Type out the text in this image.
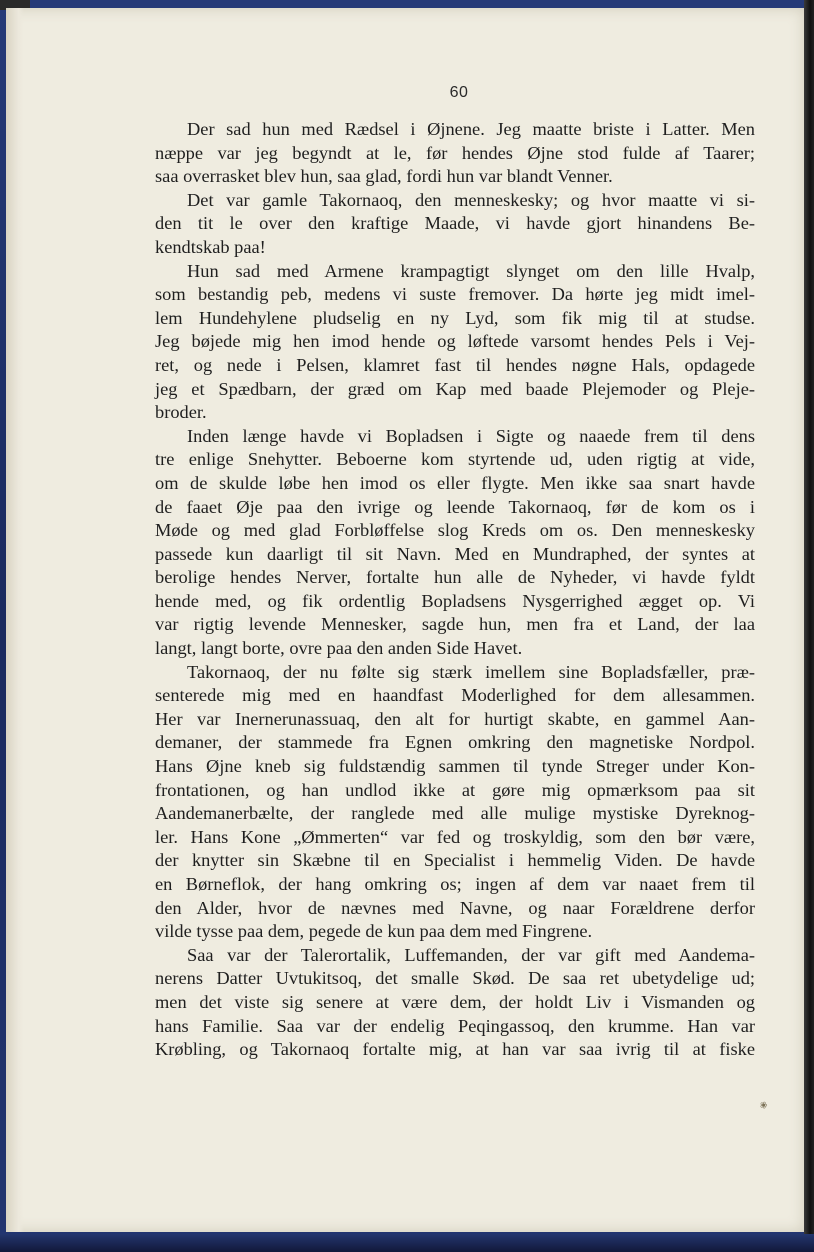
60
Der sad hun med Rædsel i Øjnene. Jeg maatte briste i Latter. Men
næppe var jeg begyndt at le, før hendes Øjne stod fulde af Taarer;
saa overrasket blev hun, saa glad, fordi hun var blandt Venner.
Det var gamle Takornaoq, den menneskesky; og hvor maatte vi si-
den tit le over den kraftige Maade, vi havde gjort hinandens Be-
kendtskab paa!
Hun sad med Armene krampagtigt slynget om den lille Hvalp,
som bestandig peb, medens vi suste fremover. Da hørte jeg midt imel-
lem Hundehylene pludselig en ny Lyd, som fik mig til at studse.
Jeg bøjede mig hen imod hende og løftede varsomt hendes Pels i Vej-
ret, og nede i Pelsen, klamret fast til hendes nøgne Hals, opdagede
jeg et Spædbarn, der græd om Kap med baade Plejemoder og Pleje-
broder.
Inden længe havde vi Bopladsen i Sigte og naaede frem til dens
tre enlige Snehytter. Beboerne kom styrtende ud, uden rigtig at vide,
om de skulde løbe hen imod os eller flygte. Men ikke saa snart havde
de faaet Øje paa den ivrige og leende Takornaoq, før de kom os i
Møde og med glad Forbløffelse slog Kreds om os. Den menneskesky
passede kun daarligt til sit Navn. Med en Mundraphed, der syntes at
berolige hendes Nerver, fortalte hun alle de Nyheder, vi havde fyldt
hende med, og fik ordentlig Bopladsens Nysgerrighed ægget op. Vi
var rigtig levende Mennesker, sagde hun, men fra et Land, der laa
langt, langt borte, ovre paa den anden Side Havet.
Takornaoq, der nu følte sig stærk imellem sine Bopladsfæller, præ-
senterede mig med en haandfast Moderlighed for dem allesammen.
Her var Inernerunassuaq, den alt for hurtigt skabte, en gammel Aan-
demaner, der stammede fra Egnen omkring den magnetiske Nordpol.
Hans Øjne kneb sig fuldstændig sammen til tynde Streger under Kon-
frontationen, og han undlod ikke at gøre mig opmærksom paa sit
Aandemanerbælte, der ranglede med alle mulige mystiske Dyreknog-
ler. Hans Kone „Ømmerten“ var fed og troskyldig, som den bør være,
der knytter sin Skæbne til en Specialist i hemmelig Viden. De havde
en Børneflok, der hang omkring os; ingen af dem var naaet frem til
den Alder, hvor de nævnes med Navne, og naar Forældrene derfor
vilde tysse paa dem, pegede de kun paa dem med Fingrene.
Saa var der Talerortalik, Luffemanden, der var gift med Aandema-
nerens Datter Uvtukitsoq, det smalle Skød. De saa ret ubetydelige ud;
men det viste sig senere at være dem, der holdt Liv i Vismanden og
hans Familie. Saa var der endelig Peqingassoq, den krumme. Han var
Krøbling, og Takornaoq fortalte mig, at han var saa ivrig til at fiske
